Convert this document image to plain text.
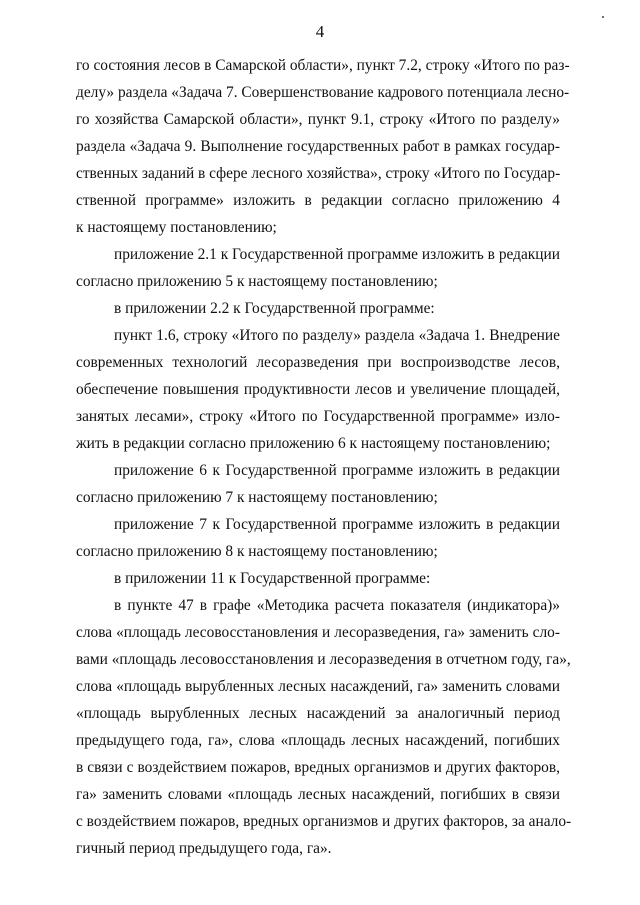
4
го состояния лесов в Самарской области», пункт 7.2, строку «Итого по раз-
делу» раздела «Задача 7. Совершенствование кадрового потенциала лесно-
го хозяйства Самарской области», пункт 9.1, строку «Итого по разделу»
раздела «Задача 9. Выполнение государственных работ в рамках государ-
ственных заданий в сфере лесного хозяйства», строку «Итого по Государ-
ственной программе» изложить в редакции согласно приложению 4
к настоящему постановлению;
приложение 2.1 к Государственной программе изложить в редакции
согласно приложению 5 к настоящему постановлению;
в приложении 2.2 к Государственной программе:
пункт 1.6, строку «Итого по разделу» раздела «Задача 1. Внедрение
современных технологий лесоразведения при воспроизводстве лесов,
обеспечение повышения продуктивности лесов и увеличение площадей,
занятых лесами», строку «Итого по Государственной программе» изло-
жить в редакции согласно приложению 6 к настоящему постановлению;
приложение 6 к Государственной программе изложить в редакции
согласно приложению 7 к настоящему постановлению;
приложение 7 к Государственной программе изложить в редакции
согласно приложению 8 к настоящему постановлению;
в приложении 11 к Государственной программе:
в пункте 47 в графе «Методика расчета показателя (индикатора)»
слова «площадь лесовосстановления и лесоразведения, га» заменить сло-
вами «площадь лесовосстановления и лесоразведения в отчетном году, га»,
слова «площадь вырубленных лесных насаждений, га» заменить словами
«площадь вырубленных лесных насаждений за аналогичный период
предыдущего года, га», слова «площадь лесных насаждений, погибших
в связи с воздействием пожаров, вредных организмов и других факторов,
га» заменить словами «площадь лесных насаждений, погибших в связи
с воздействием пожаров, вредных организмов и других факторов, за анало-
гичный период предыдущего года, га».
